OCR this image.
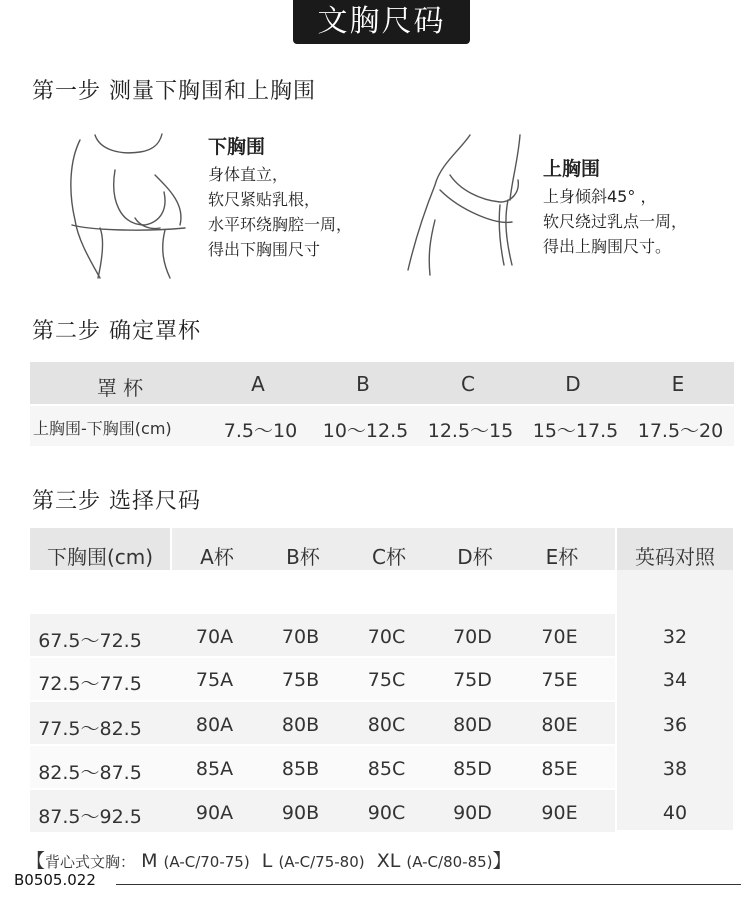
文胸尺码
第一步 测量下胸围和上胸围
下胸围
身体直立，
软尺紧贴乳根，
水平环绕胸腔一周，
得出下胸围尺寸
上胸围
上身倾斜45° ，
软尺绕过乳点一周，
得出上胸围尺寸。
第二步 确定罩杯
罩 杯	A	B	C	D	E
上胸围-下胸围(cm)	7.5～10	10～12.5	12.5～15	15～17.5	17.5～20
第三步 选择尺码
下胸围(cm)	A杯	B杯	C杯	D杯	E杯	英码对照
67.5～72.5	70A	70B	70C	70D	70E	32
72.5～77.5	75A	75B	75C	75D	75E	34
77.5～82.5	80A	80B	80C	80D	80E	36
82.5～87.5	85A	85B	85C	85D	85E	38
87.5～92.5	90A	90B	90C	90D	90E	40
【背心式文胸： M (A-C/70-75) L (A-C/75-80) XL (A-C/80-85)】
B0505.022
